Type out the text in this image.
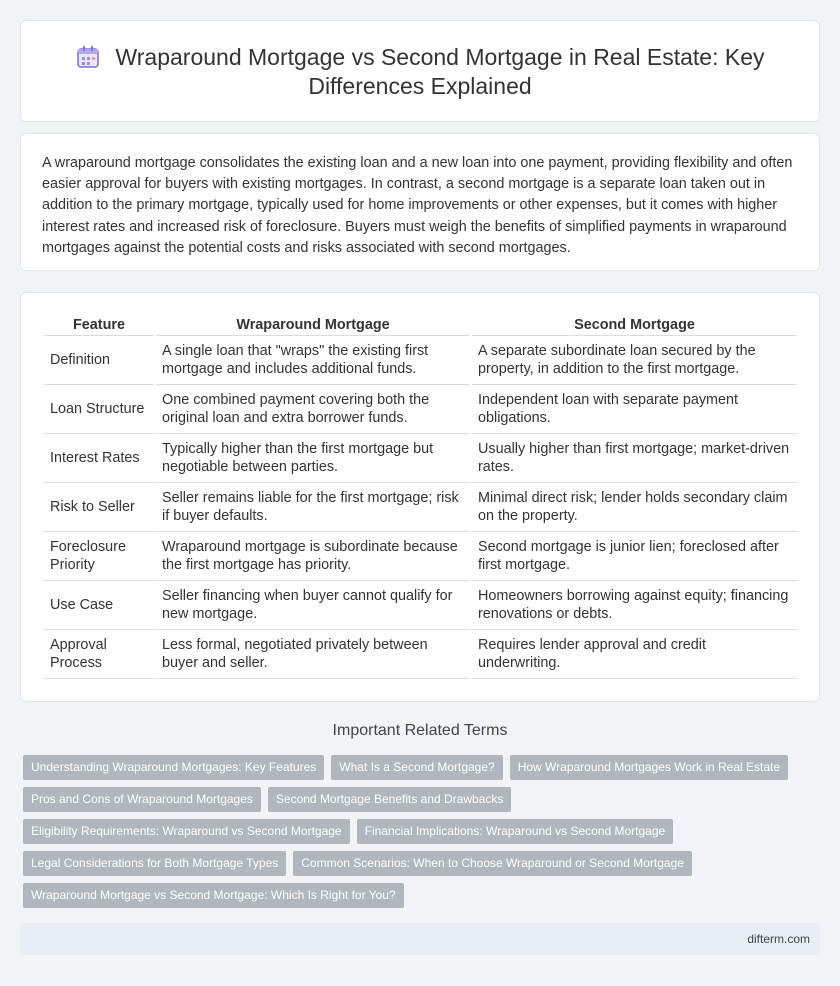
Wraparound Mortgage vs Second Mortgage in Real Estate: Key Differences Explained

A wraparound mortgage consolidates the existing loan and a new loan into one payment, providing flexibility and often easier approval for buyers with existing mortgages. In contrast, a second mortgage is a separate loan taken out in addition to the primary mortgage, typically used for home improvements or other expenses, but it comes with higher interest rates and increased risk of foreclosure. Buyers must weigh the benefits of simplified payments in wraparound mortgages against the potential costs and risks associated with second mortgages.

Feature	Wraparound Mortgage	Second Mortgage
Definition	A single loan that "wraps" the existing first mortgage and includes additional funds.	A separate subordinate loan secured by the property, in addition to the first mortgage.
Loan Structure	One combined payment covering both the original loan and extra borrower funds.	Independent loan with separate payment obligations.
Interest Rates	Typically higher than the first mortgage but negotiable between parties.	Usually higher than first mortgage; market-driven rates.
Risk to Seller	Seller remains liable for the first mortgage; risk if buyer defaults.	Minimal direct risk; lender holds secondary claim on the property.
Foreclosure Priority	Wraparound mortgage is subordinate because the first mortgage has priority.	Second mortgage is junior lien; foreclosed after first mortgage.
Use Case	Seller financing when buyer cannot qualify for new mortgage.	Homeowners borrowing against equity; financing renovations or debts.
Approval Process	Less formal, negotiated privately between buyer and seller.	Requires lender approval and credit underwriting.
Important Related Terms
Understanding Wraparound Mortgages: Key Features	What Is a Second Mortgage?	How Wraparound Mortgages Work in Real Estate
Pros and Cons of Wraparound Mortgages	Second Mortgage Benefits and Drawbacks
Eligibility Requirements: Wraparound vs Second Mortgage	Financial Implications: Wraparound vs Second Mortgage
Legal Considerations for Both Mortgage Types	Common Scenarios: When to Choose Wraparound or Second Mortgage
Wraparound Mortgage vs Second Mortgage: Which Is Right for You?
difterm.com
